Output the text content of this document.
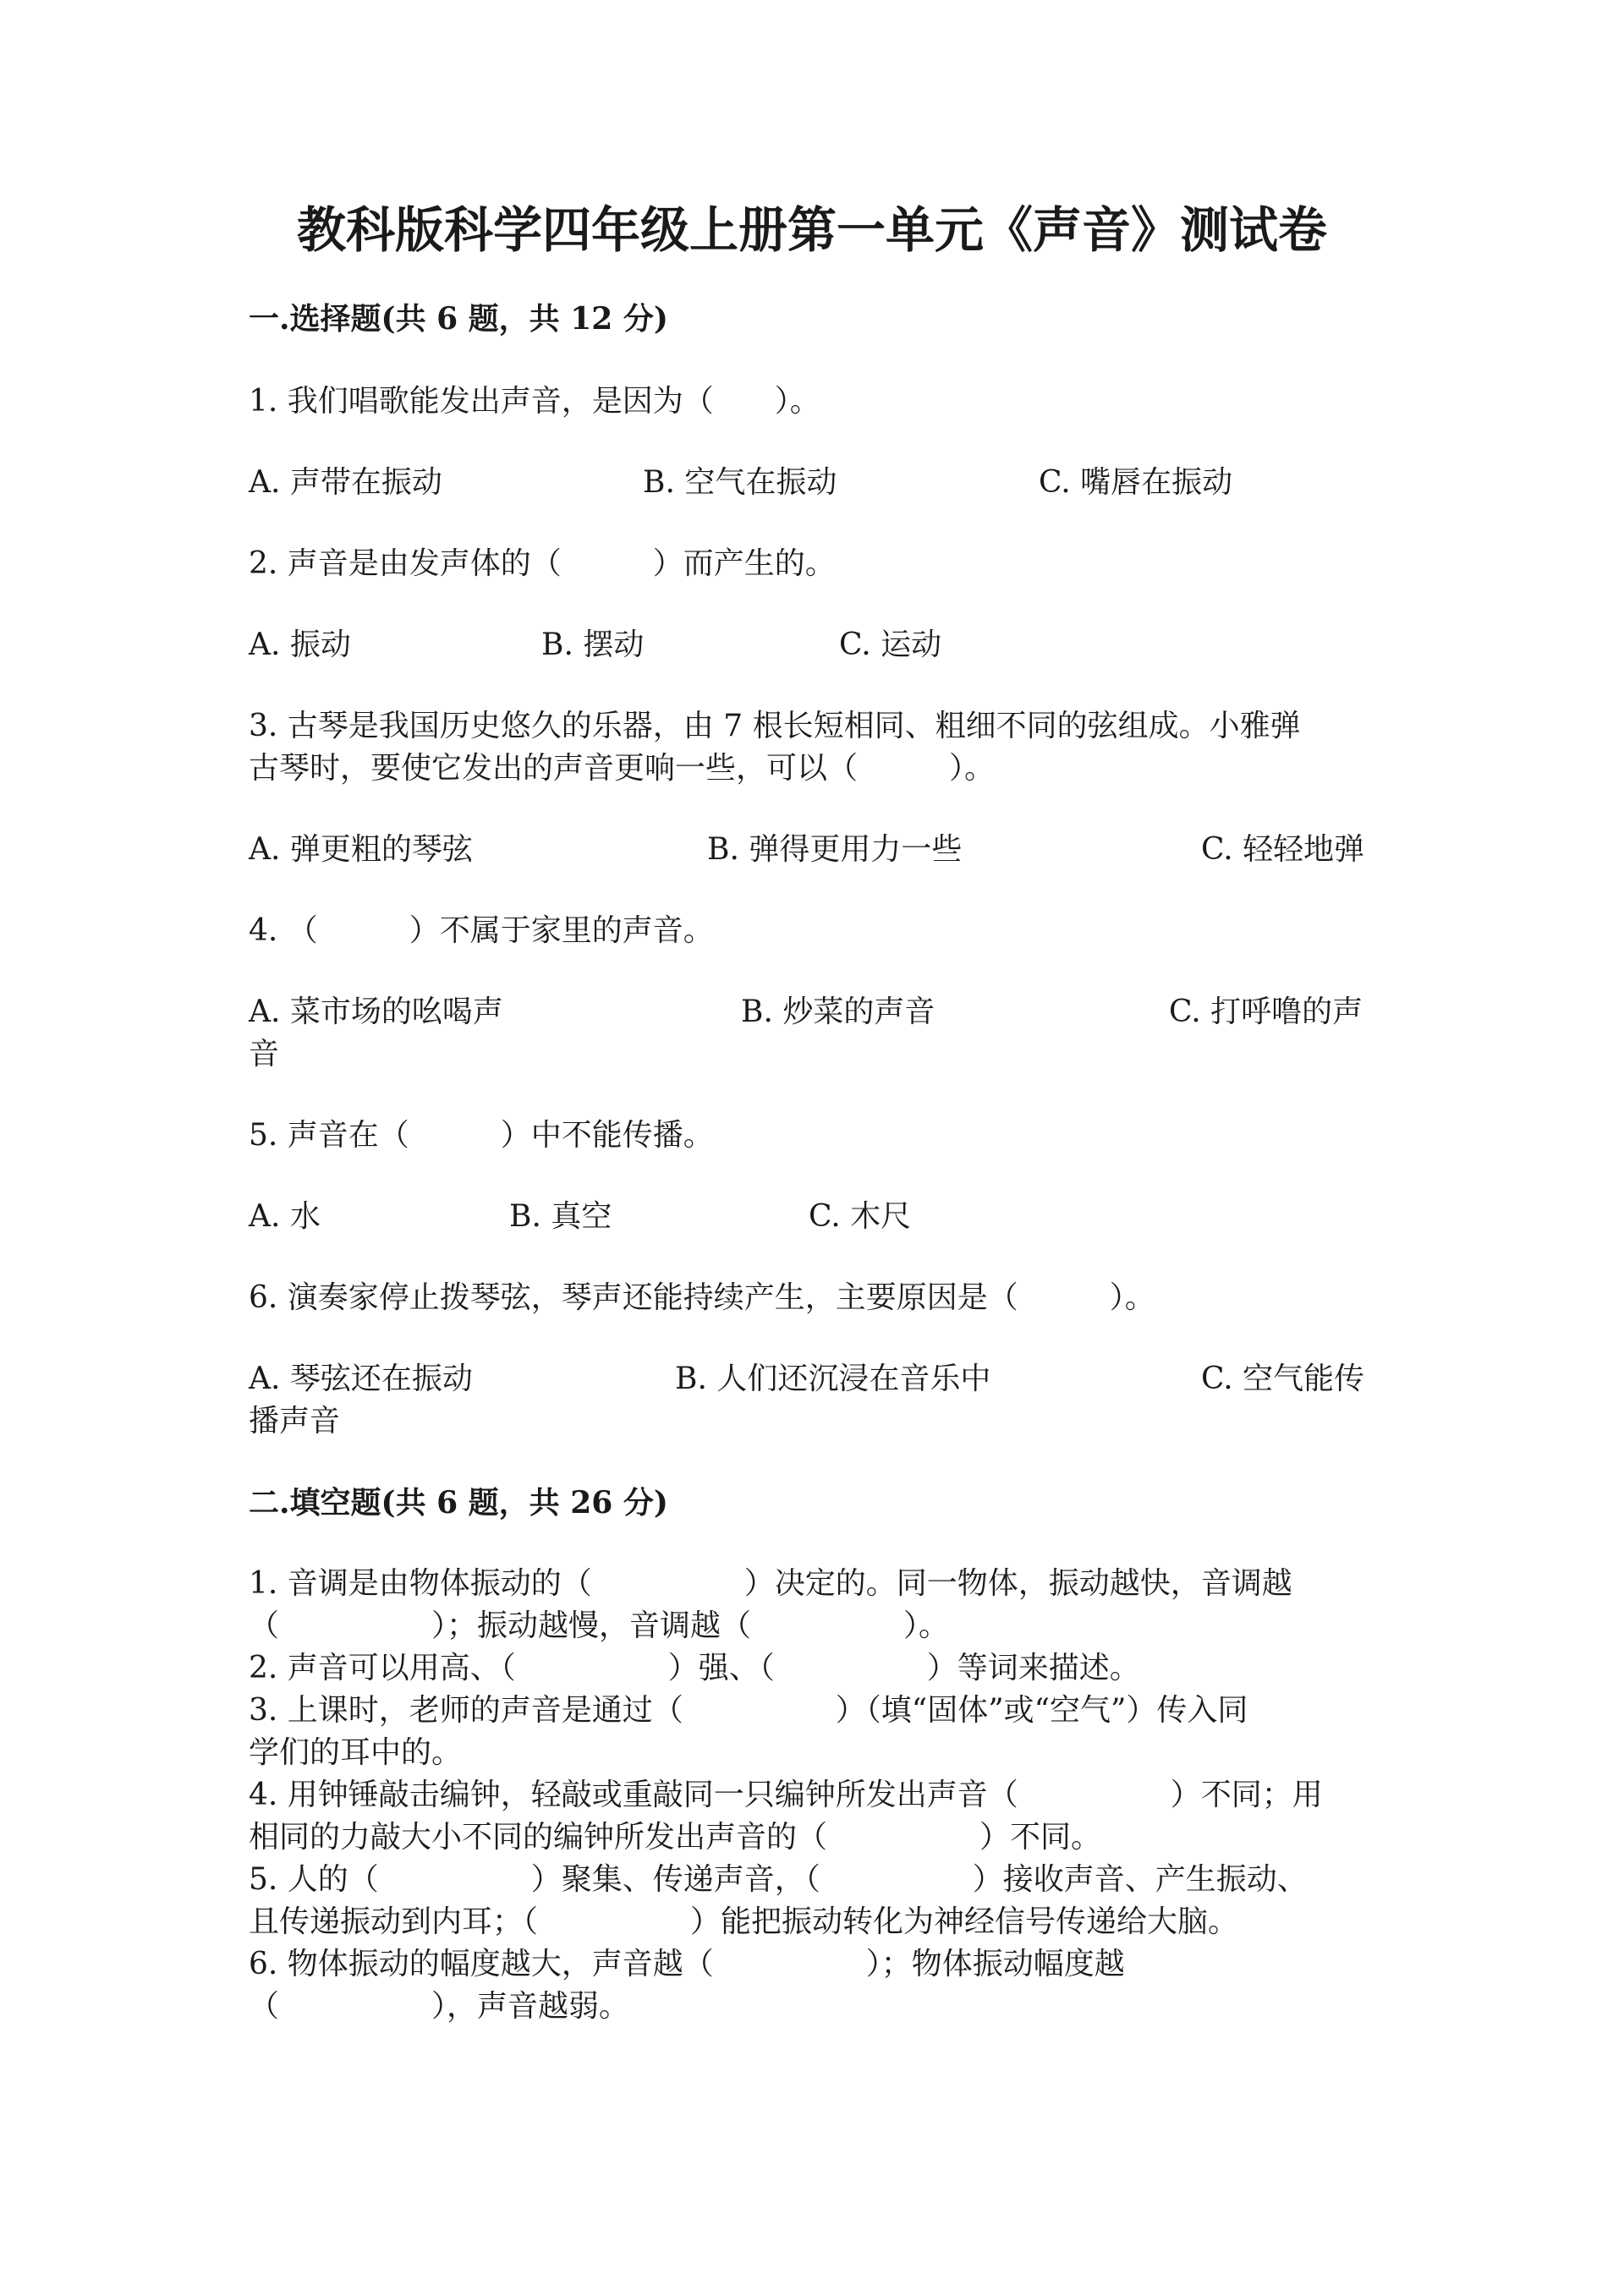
教科版科学四年级上册第一单元《声音》测试卷
一.选择题(共 6 题，共 12 分)
1. 我们唱歌能发出声音，是因为（　　）。
A. 声带在振动	B. 空气在振动	C. 嘴唇在振动
2. 声音是由发声体的（　　　）而产生的。
A. 振动	B. 摆动	C. 运动
3. 古琴是我国历史悠久的乐器，由 7 根长短相同、粗细不同的弦组成。小雅弹
古琴时，要使它发出的声音更响一些，可以（　　　）。
A. 弹更粗的琴弦	B. 弹得更用力一些	C. 轻轻地弹
4. （　　　）不属于家里的声音。
A. 菜市场的吆喝声	B. 炒菜的声音	C. 打呼噜的声
音
5. 声音在（　　　）中不能传播。
A. 水	B. 真空	C. 木尺
6. 演奏家停止拨琴弦，琴声还能持续产生，主要原因是（　　　）。
A. 琴弦还在振动	B. 人们还沉浸在音乐中	C. 空气能传
播声音
二.填空题(共 6 题，共 26 分)
1. 音调是由物体振动的（　　　　　）决定的。同一物体，振动越快，音调越
（　　　　　）；振动越慢，音调越（　　　　　）。
2. 声音可以用高、（　　　　　）强、（　　　　　）等词来描述。
3. 上课时，老师的声音是通过（　　　　　）（填“固体”或“空气”）传入同
学们的耳中的。
4. 用钟锤敲击编钟，轻敲或重敲同一只编钟所发出声音（　　　　　）不同；用
相同的力敲大小不同的编钟所发出声音的（　　　　　）不同。
5. 人的（　　　　　）聚集、传递声音，（　　　　　）接收声音、产生振动、
且传递振动到内耳；（　　　　　）能把振动转化为神经信号传递给大脑。
6. 物体振动的幅度越大，声音越（　　　　　）；物体振动幅度越
（　　　　　），声音越弱。
